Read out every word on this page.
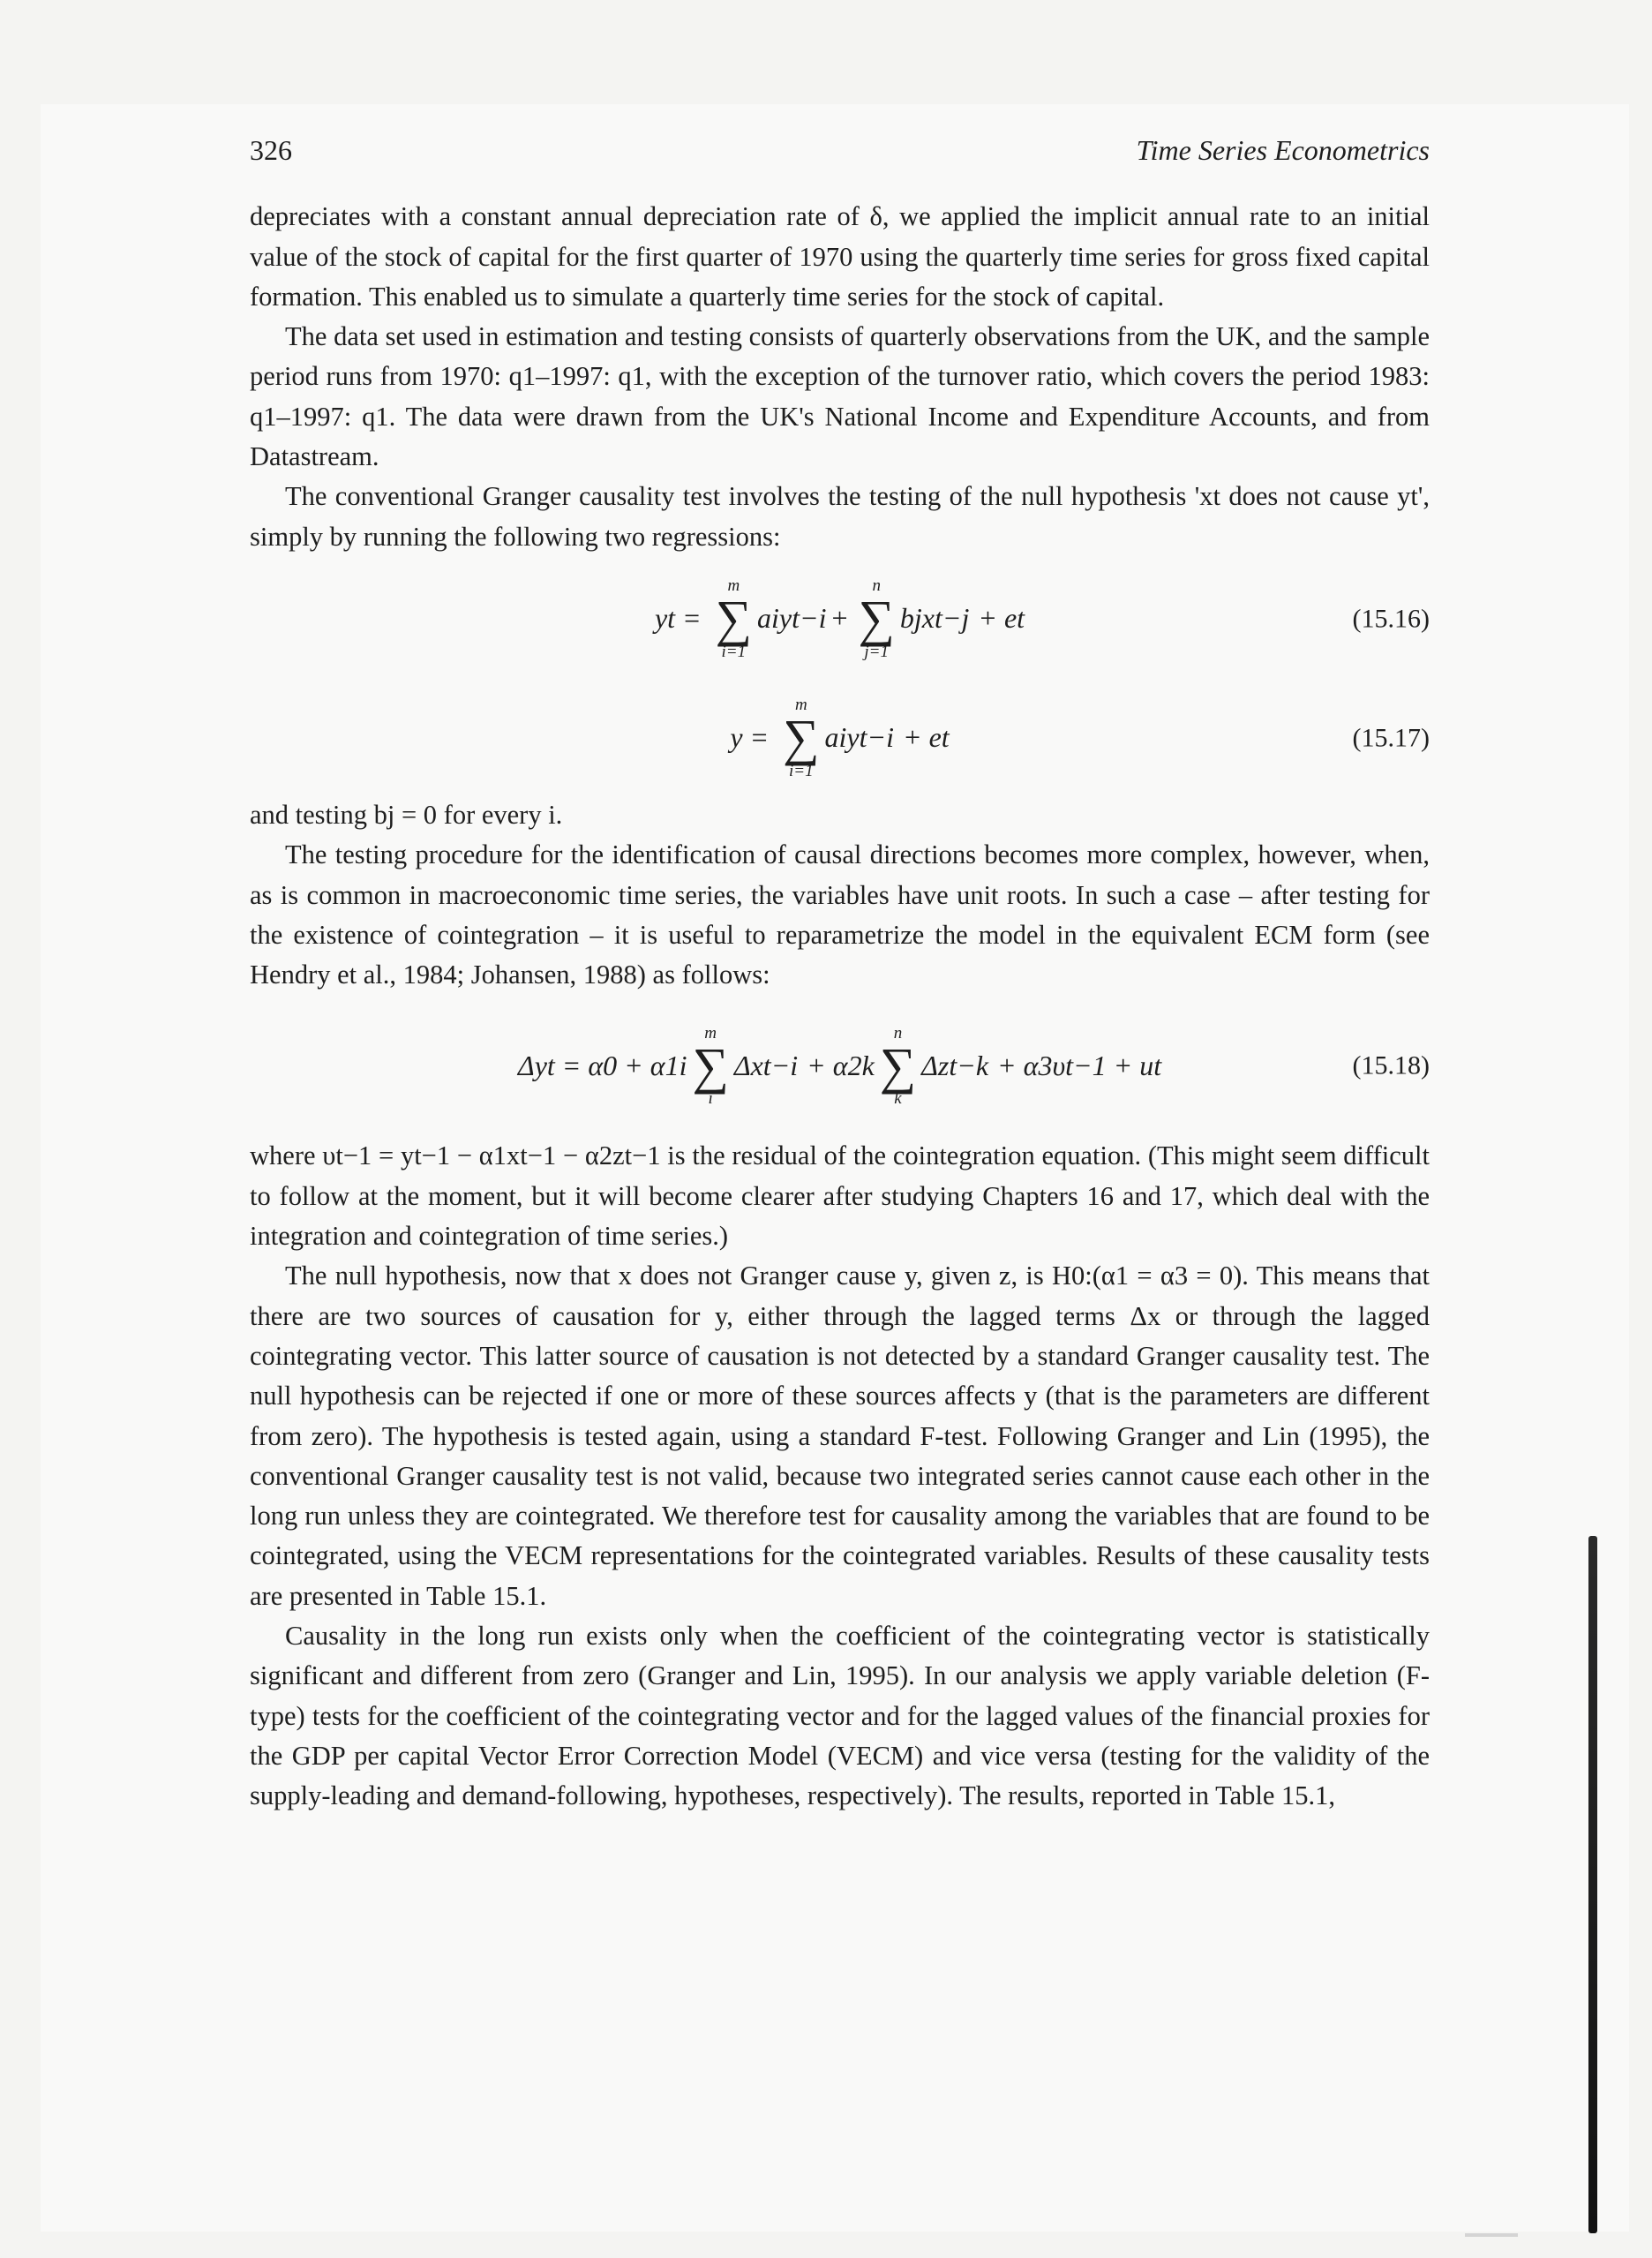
326	Time Series Econometrics

depreciates with a constant annual depreciation rate of δ, we applied the implicit annual rate to an initial value of the stock of capital for the first quarter of 1970 using the quarterly time series for gross fixed capital formation. This enabled us to simulate a quarterly time series for the stock of capital.

The data set used in estimation and testing consists of quarterly observations from the UK, and the sample period runs from 1970: q1–1997: q1, with the exception of the turnover ratio, which covers the period 1983: q1–1997: q1. The data were drawn from the UK's National Income and Expenditure Accounts, and from Datastream.

The conventional Granger causality test involves the testing of the null hypothesis 'xt does not cause yt', simply by running the following two regressions:

yt =
m
∑
i=1
aiyt−i +
n
∑
j=1
bjxt−j + et	(15.16)
y =
m
∑
i=1
aiyt−i + et	(15.17)

and testing bj = 0 for every i.

The testing procedure for the identification of causal directions becomes more complex, however, when, as is common in macroeconomic time series, the variables have unit roots. In such a case – after testing for the existence of cointegration – it is useful to reparametrize the model in the equivalent ECM form (see Hendry et al., 1984; Johansen, 1988) as follows:

Δyt = α0 + α1i
m
∑
i
Δxt−i + α2k
n
∑
k
Δzt−k + α3υt−1 + ut	(15.18)

where υt−1 = yt−1 − α1xt−1 − α2zt−1 is the residual of the cointegration equation. (This might seem difficult to follow at the moment, but it will become clearer after studying Chapters 16 and 17, which deal with the integration and cointegration of time series.)

The null hypothesis, now that x does not Granger cause y, given z, is H0:(α1 = α3 = 0). This means that there are two sources of causation for y, either through the lagged terms Δx or through the lagged cointegrating vector. This latter source of causation is not detected by a standard Granger causality test. The null hypothesis can be rejected if one or more of these sources affects y (that is the parameters are different from zero). The hypothesis is tested again, using a standard F-test. Following Granger and Lin (1995), the conventional Granger causality test is not valid, because two integrated series cannot cause each other in the long run unless they are cointegrated. We therefore test for causality among the variables that are found to be cointegrated, using the VECM representations for the cointegrated variables. Results of these causality tests are presented in Table 15.1.

Causality in the long run exists only when the coefficient of the cointegrating vector is statistically significant and different from zero (Granger and Lin, 1995). In our analysis we apply variable deletion (F-type) tests for the coefficient of the cointegrating vector and for the lagged values of the financial proxies for the GDP per capital Vector Error Correction Model (VECM) and vice versa (testing for the validity of the supply-leading and demand-following, hypotheses, respectively). The results, reported in Table 15.1,
